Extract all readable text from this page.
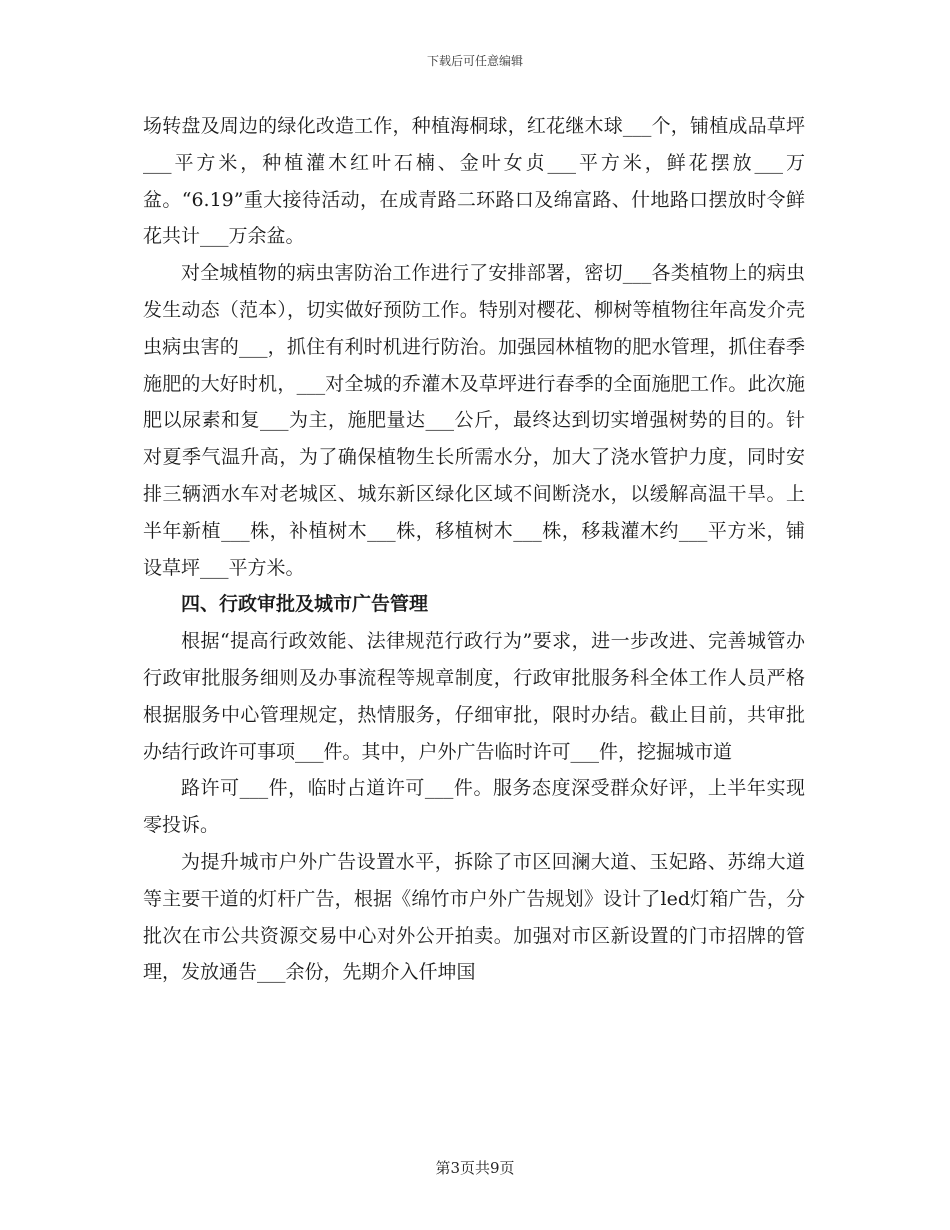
下载后可任意编辑

场转盘及周边的绿化改造工作，种植海桐球，红花继木球___个，铺植成品草坪___平方米，种植灌木红叶石楠、金叶女贞___平方米，鲜花摆放___万盆。“6.19”重大接待活动，在成青路二环路口及绵富路、什地路口摆放时令鲜花共计___万余盆。

对全城植物的病虫害防治工作进行了安排部署，密切___各类植物上的病虫发生动态（范本），切实做好预防工作。特别对樱花、柳树等植物往年高发介壳虫病虫害的___，抓住有利时机进行防治。加强园林植物的肥水管理，抓住春季施肥的大好时机，___对全城的乔灌木及草坪进行春季的全面施肥工作。此次施肥以尿素和复___为主，施肥量达___公斤，最终达到切实增强树势的目的。针对夏季气温升高，为了确保植物生长所需水分，加大了浇水管护力度，同时安排三辆洒水车对老城区、城东新区绿化区域不间断浇水，以缓解高温干旱。上半年新植___株，补植树木___株，移植树木___株，移栽灌木约___平方米，铺设草坪___平方米。

四、行政审批及城市广告管理

根据“提高行政效能、法律规范行政行为”要求，进一步改进、完善城管办行政审批服务细则及办事流程等规章制度，行政审批服务科全体工作人员严格根据服务中心管理规定，热情服务，仔细审批，限时办结。截止目前，共审批办结行政许可事项___件。其中，户外广告临时许可___件，挖掘城市道

路许可___件，临时占道许可___件。服务态度深受群众好评，上半年实现零投诉。

为提升城市户外广告设置水平，拆除了市区回澜大道、玉妃路、苏绵大道等主要干道的灯杆广告，根据《绵竹市户外广告规划》设计了led灯箱广告，分批次在市公共资源交易中心对外公开拍卖。加强对市区新设置的门市招牌的管理，发放通告___余份，先期介入仟坤国

第3页共9页
